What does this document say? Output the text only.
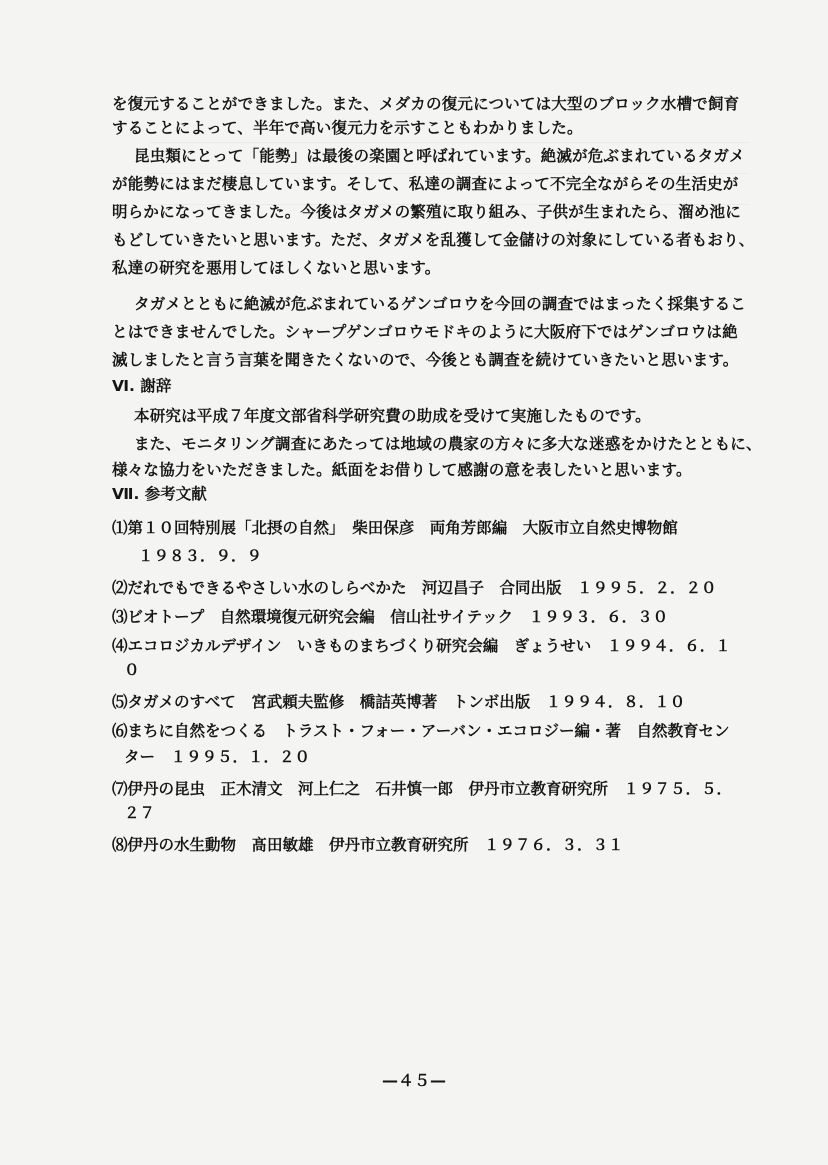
を復元することができました。また、メダカの復元については大型のブロック水槽で飼育
することによって、半年で高い復元力を示すこともわかりました。
昆虫類にとって「能勢」は最後の楽園と呼ばれています。絶滅が危ぶまれているタガメ
が能勢にはまだ棲息しています。そして、私達の調査によって不完全ながらその生活史が
明らかになってきました。今後はタガメの繁殖に取り組み、子供が生まれたら、溜め池に
もどしていきたいと思います。ただ、タガメを乱獲して金儲けの対象にしている者もおり、
私達の研究を悪用してほしくないと思います。
タガメとともに絶滅が危ぶまれているゲンゴロウを今回の調査ではまったく採集するこ
とはできませんでした。シャープゲンゴロウモドキのように大阪府下ではゲンゴロウは絶
滅しましたと言う言葉を聞きたくないので、今後とも調査を続けていきたいと思います。
Ⅵ. 謝辞
本研究は平成７年度文部省科学研究費の助成を受けて実施したものです。
また、モニタリング調査にあたっては地域の農家の方々に多大な迷惑をかけたとともに、
様々な協力をいただきました。紙面をお借りして感謝の意を表したいと思います。
Ⅶ. 参考文献
⑴第１０回特別展「北摂の自然」　柴田保彦　両角芳郎編　大阪市立自然史博物館
１９８３．９．９
⑵だれでもできるやさしい水のしらべかた　河辺昌子　合同出版　１９９５．２．２０
⑶ビオトープ　自然環境復元研究会編　信山社サイテック　１９９３．６．３０
⑷エコロジカルデザイン　いきものまちづくり研究会編　ぎょうせい　１９９４．６．１
０
⑸タガメのすべて　宮武頼夫監修　橋詰英博著　トンボ出版　１９９４．８．１０
⑹まちに自然をつくる　トラスト・フォー・アーバン・エコロジー編・著　自然教育セン
ター　１９９５．１．２０
⑺伊丹の昆虫　正木清文　河上仁之　石井慎一郎　伊丹市立教育研究所　１９７５．５．
２７
⑻伊丹の水生動物　髙田敏雄　伊丹市立教育研究所　１９７６．３．３１
—４５—
